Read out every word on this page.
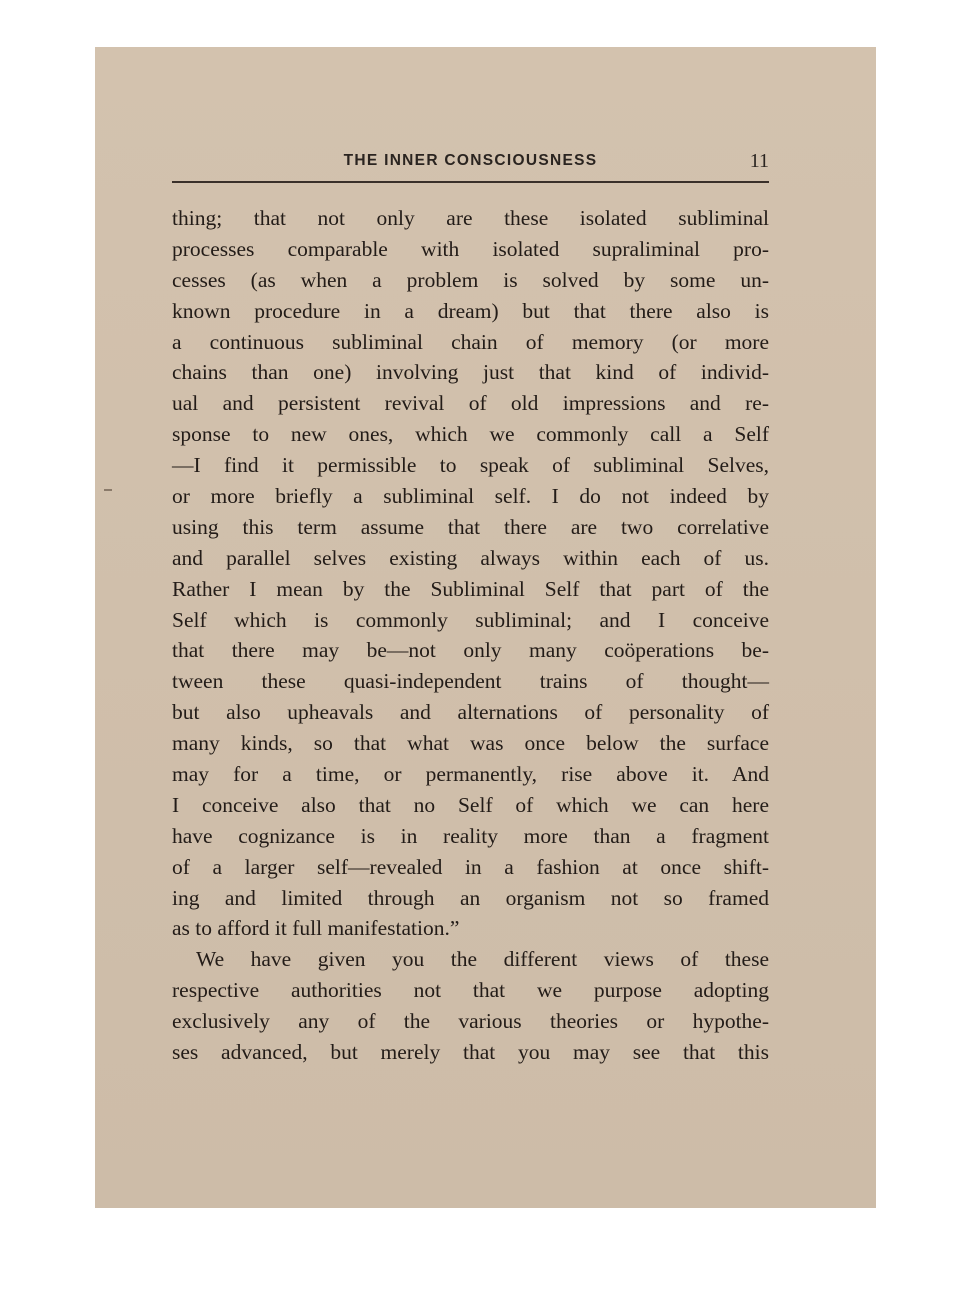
THE INNER CONSCIOUSNESS	11
thing; that not only are these isolated subliminal
processes comparable with isolated supraliminal pro-
cesses (as when a problem is solved by some un-
known procedure in a dream) but that there also is
a continuous subliminal chain of memory (or more
chains than one) involving just that kind of individ-
ual and persistent revival of old impressions and re-
sponse to new ones, which we commonly call a Self
—I find it permissible to speak of subliminal Selves,
or more briefly a subliminal self. I do not indeed by
using this term assume that there are two correlative
and parallel selves existing always within each of us.
Rather I mean by the Subliminal Self that part of the
Self which is commonly subliminal; and I conceive
that there may be—not only many coöperations be-
tween these quasi-independent trains of thought—
but also upheavals and alternations of personality of
many kinds, so that what was once below the surface
may for a time, or permanently, rise above it. And
I conceive also that no Self of which we can here
have cognizance is in reality more than a fragment
of a larger self—revealed in a fashion at once shift-
ing and limited through an organism not so framed
as to afford it full manifestation.”
We have given you the different views of these
respective authorities not that we purpose adopting
exclusively any of the various theories or hypothe-
ses advanced, but merely that you may see that this
